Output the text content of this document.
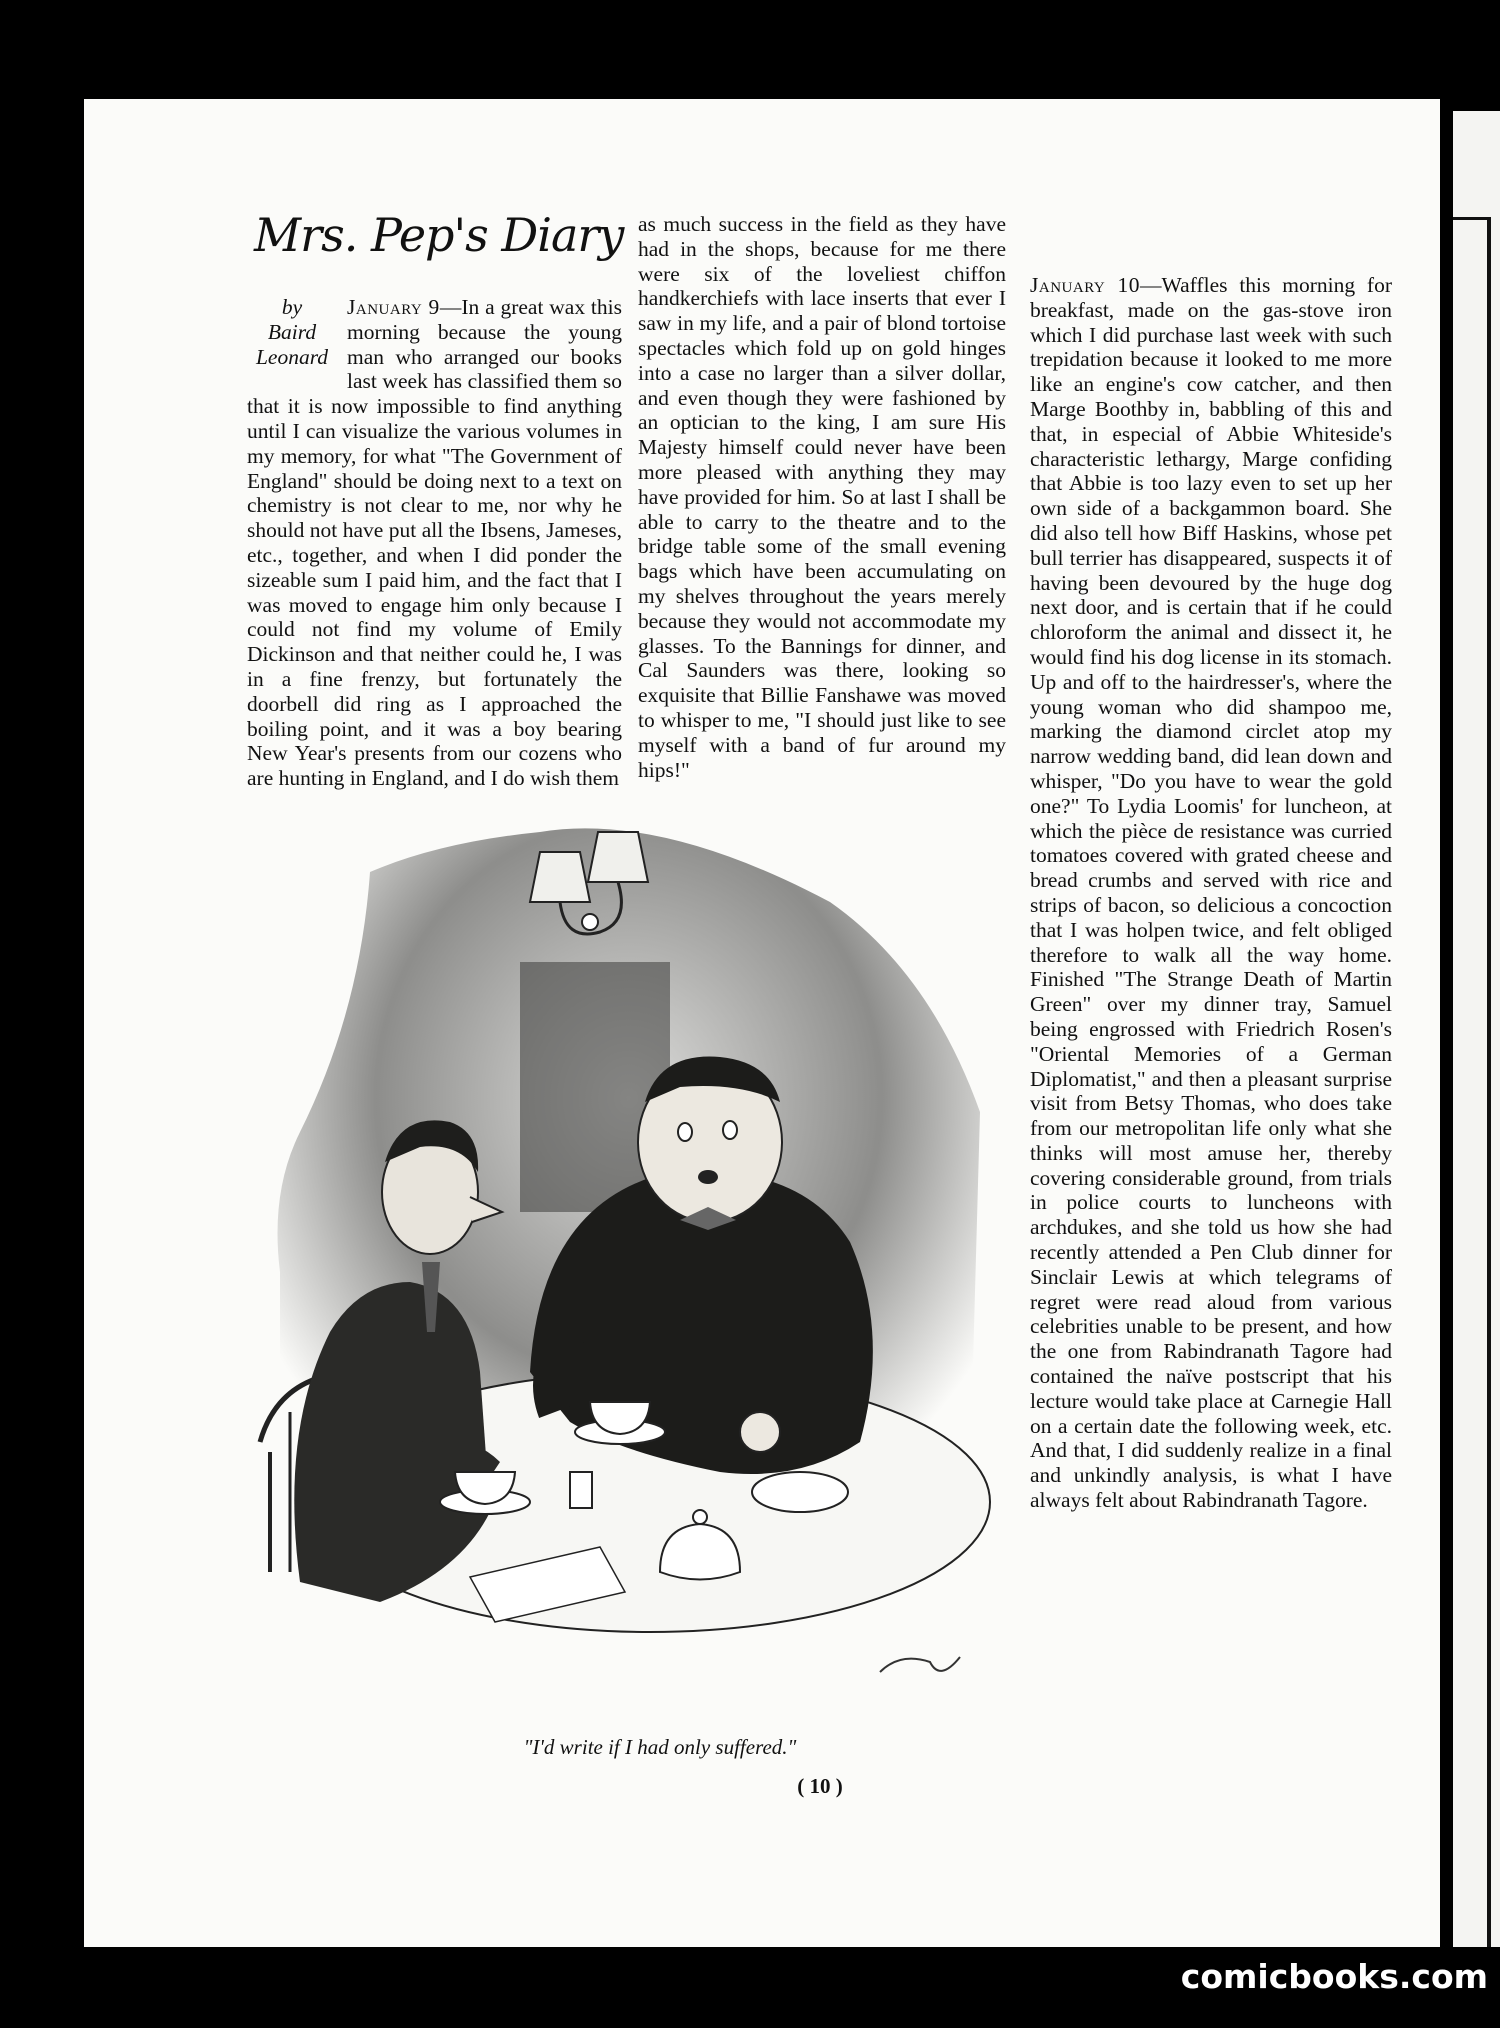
Mrs. Pep's Diary
by
Baird
Leonard

January 9—In a great wax this morning because the young man who arranged our books last week has classified them so that it is now impossible to find anything until I can visualize the various volumes in my memory, for what "The Government of England" should be doing next to a text on chemistry is not clear to me, nor why he should not have put all the Ibsens, Jameses, etc., together, and when I did ponder the sizeable sum I paid him, and the fact that I was moved to engage him only because I could not find my volume of Emily Dickinson and that neither could he, I was in a fine frenzy, but fortunately the doorbell did ring as I approached the boiling point, and it was a boy bearing New Year's presents from our cozens who are hunting in England, and I do wish them

as much success in the field as they have had in the shops, because for me there were six of the loveliest chiffon handkerchiefs with lace inserts that ever I saw in my life, and a pair of blond tortoise spectacles which fold up on gold hinges into a case no larger than a silver dollar, and even though they were fashioned by an optician to the king, I am sure His Majesty himself could never have been more pleased with anything they may have provided for him. So at last I shall be able to carry to the theatre and to the bridge table some of the small evening bags which have been accumulating on my shelves throughout the years merely because they would not accommodate my glasses. To the Bannings for dinner, and Cal Saunders was there, looking so exquisite that Billie Fanshawe was moved to whisper to me, "I should just like to see myself with a band of fur around my hips!"

January 10—Waffles this morning for breakfast, made on the gas-stove iron which I did purchase last week with such trepidation because it looked to me more like an engine's cow catcher, and then Marge Boothby in, babbling of this and that, in especial of Abbie Whiteside's characteristic lethargy, Marge confiding that Abbie is too lazy even to set up her own side of a backgammon board. She did also tell how Biff Haskins, whose pet bull terrier has disappeared, suspects it of having been devoured by the huge dog next door, and is certain that if he could chloroform the animal and dissect it, he would find his dog license in its stomach. Up and off to the hairdresser's, where the young woman who did shampoo me, marking the diamond circlet atop my narrow wedding band, did lean down and whisper, "Do you have to wear the gold one?" To Lydia Loomis' for luncheon, at which the pièce de resistance was curried tomatoes covered with grated cheese and bread crumbs and served with rice and strips of bacon, so delicious a concoction that I was holpen twice, and felt obliged therefore to walk all the way home. Finished "The Strange Death of Martin Green" over my dinner tray, Samuel being engrossed with Friedrich Rosen's "Oriental Memories of a German Diplomatist," and then a pleasant surprise visit from Betsy Thomas, who does take from our metropolitan life only what she thinks will most amuse her, thereby covering considerable ground, from trials in police courts to luncheons with archdukes, and she told us how she had recently attended a Pen Club dinner for Sinclair Lewis at which telegrams of regret were read aloud from various celebrities unable to be present, and how the one from Rabindranath Tagore had contained the naïve postscript that his lecture would take place at Carnegie Hall on a certain date the following week, etc. And that, I did suddenly realize in a final and unkindly analysis, is what I have always felt about Rabindranath Tagore.

"I'd write if I had only suffered."
( 10 )
comicbooks.com
